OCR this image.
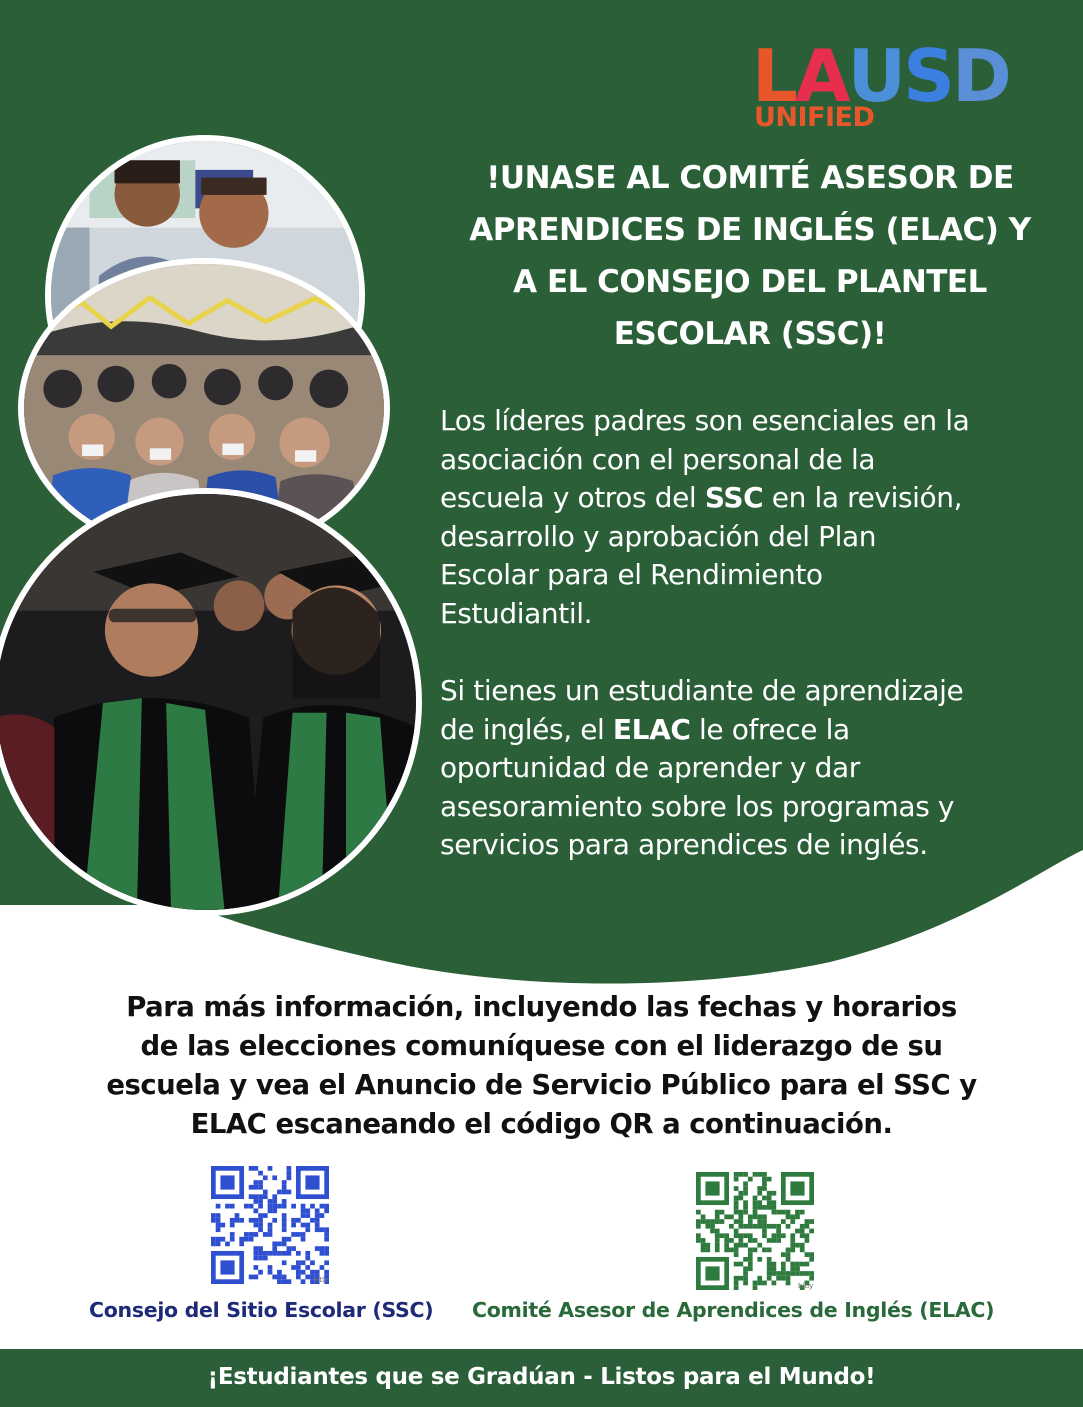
LAUSD
UNIFIED
!UNASE AL COMITÉ ASESOR DE
APRENDICES DE INGLÉS (ELAC) Y
A EL CONSEJO DEL PLANTEL
ESCOLAR (SSC)!
Los líderes padres son esenciales en la
asociación con el personal de la
escuela y otros del SSC en la revisión,
desarrollo y aprobación del Plan
Escolar para el Rendimiento
Estudiantil.
Si tienes un estudiante de aprendizaje
de inglés, el ELAC le ofrece la
oportunidad de aprender y dar
asesoramiento sobre los programas y
servicios para aprendices de inglés.
Para más información, incluyendo las fechas y horarios
de las elecciones comuníquese con el liderazgo de su
escuela y vea el Anuncio de Servicio Público para el SSC y
ELAC escaneando el código QR a continuación.
bitly
bitly
Consejo del Sitio Escolar (SSC) Comité Asesor de Aprendices de Inglés (ELAC)
¡Estudiantes que se Gradúan - Listos para el Mundo!
